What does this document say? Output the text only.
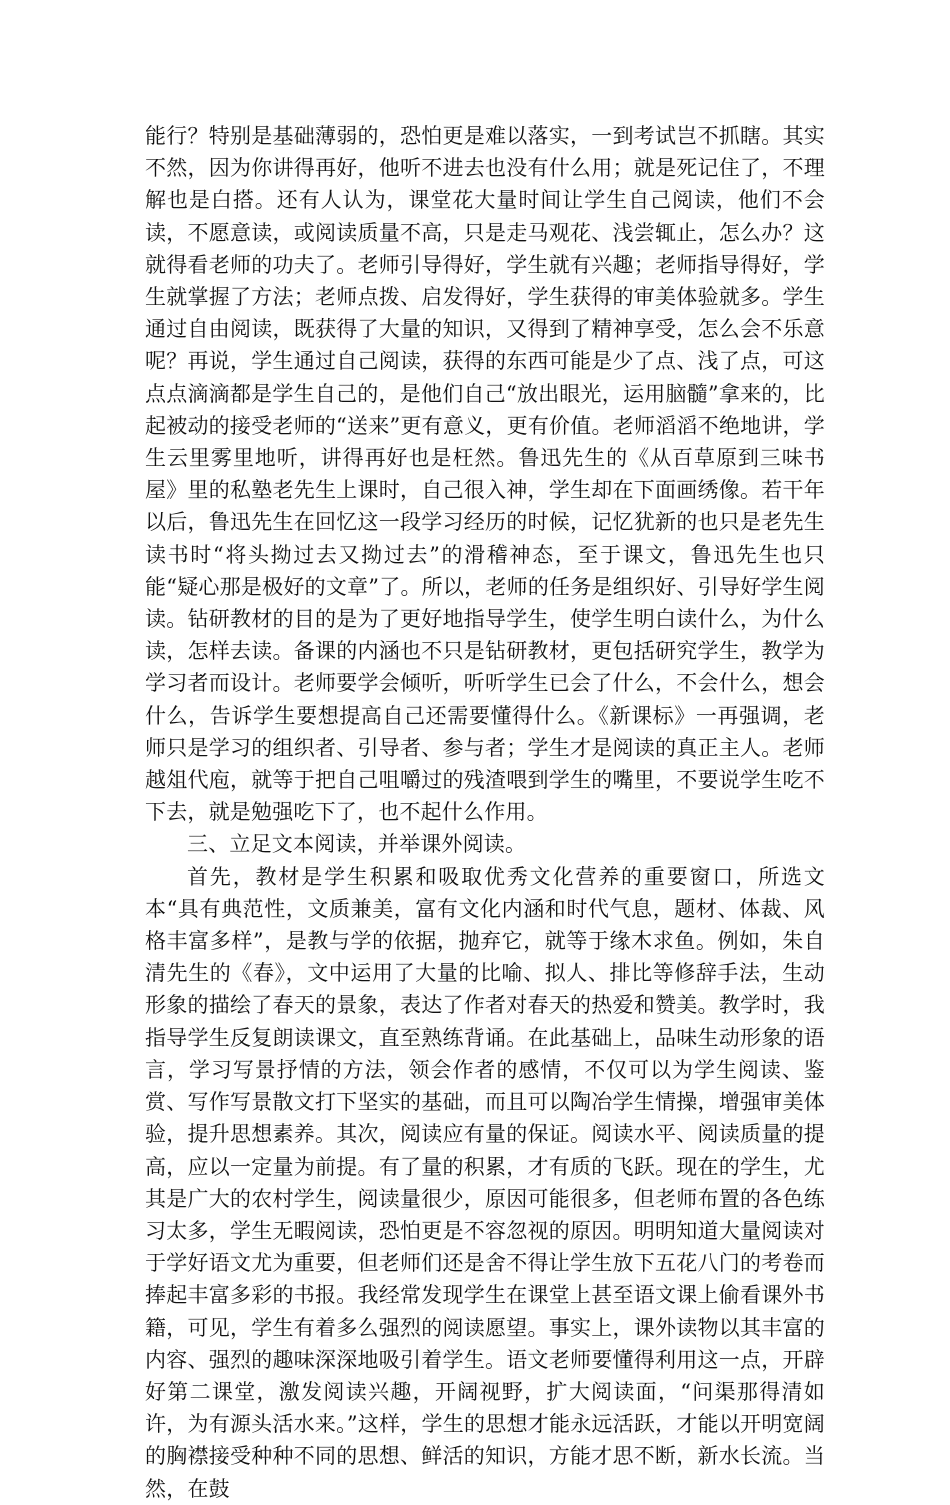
能行？特别是基础薄弱的，恐怕更是难以落实，一到考试岂不抓瞎。其实不然，因为你讲得再好，他听不进去也没有什么用；就是死记住了，不理解也是白搭。还有人认为，课堂花大量时间让学生自己阅读，他们不会读，不愿意读，或阅读质量不高，只是走马观花、浅尝辄止，怎么办？这就得看老师的功夫了。老师引导得好，学生就有兴趣；老师指导得好，学生就掌握了方法；老师点拨、启发得好，学生获得的审美体验就多。学生通过自由阅读，既获得了大量的知识，又得到了精神享受，怎么会不乐意呢？再说，学生通过自己阅读，获得的东西可能是少了点、浅了点，可这点点滴滴都是学生自己的，是他们自己“放出眼光，运用脑髓”拿来的，比起被动的接受老师的“送来”更有意义，更有价值。老师滔滔不绝地讲，学生云里雾里地听，讲得再好也是枉然。鲁迅先生的《从百草原到三味书屋》里的私塾老先生上课时，自己很入神，学生却在下面画绣像。若干年以后，鲁迅先生在回忆这一段学习经历的时候，记忆犹新的也只是老先生读书时“将头拗过去又拗过去”的滑稽神态，至于课文，鲁迅先生也只能“疑心那是极好的文章”了。所以，老师的任务是组织好、引导好学生阅读。钻研教材的目的是为了更好地指导学生，使学生明白读什么，为什么读，怎样去读。备课的内涵也不只是钻研教材，更包括研究学生，教学为学习者而设计。老师要学会倾听，听听学生已会了什么，不会什么，想会什么，告诉学生要想提高自己还需要懂得什么。《新课标》一再强调，老师只是学习的组织者、引导者、参与者；学生才是阅读的真正主人。老师越俎代庖，就等于把自己咀嚼过的残渣喂到学生的嘴里，不要说学生吃不下去，就是勉强吃下了，也不起什么作用。

三、立足文本阅读，并举课外阅读。

首先，教材是学生积累和吸取优秀文化营养的重要窗口，所选文本“具有典范性，文质兼美，富有文化内涵和时代气息，题材、体裁、风格丰富多样”，是教与学的依据，抛弃它，就等于缘木求鱼。例如，朱自清先生的《春》，文中运用了大量的比喻、拟人、排比等修辞手法，生动形象的描绘了春天的景象，表达了作者对春天的热爱和赞美。教学时，我指导学生反复朗读课文，直至熟练背诵。在此基础上，品味生动形象的语言，学习写景抒情的方法，领会作者的感情，不仅可以为学生阅读、鉴赏、写作写景散文打下坚实的基础，而且可以陶冶学生情操，增强审美体验，提升思想素养。其次，阅读应有量的保证。阅读水平、阅读质量的提高，应以一定量为前提。有了量的积累，才有质的飞跃。现在的学生，尤其是广大的农村学生，阅读量很少，原因可能很多，但老师布置的各色练习太多，学生无暇阅读，恐怕更是不容忽视的原因。明明知道大量阅读对于学好语文尤为重要，但老师们还是舍不得让学生放下五花八门的考卷而捧起丰富多彩的书报。我经常发现学生在课堂上甚至语文课上偷看课外书籍，可见，学生有着多么强烈的阅读愿望。事实上，课外读物以其丰富的内容、强烈的趣味深深地吸引着学生。语文老师要懂得利用这一点，开辟好第二课堂，激发阅读兴趣，开阔视野，扩大阅读面，“问渠那得清如许，为有源头活水来。”这样，学生的思想才能永远活跃，才能以开明宽阔的胸襟接受种种不同的思想、鲜活的知识，方能才思不断，新水长流。当然，在鼓
